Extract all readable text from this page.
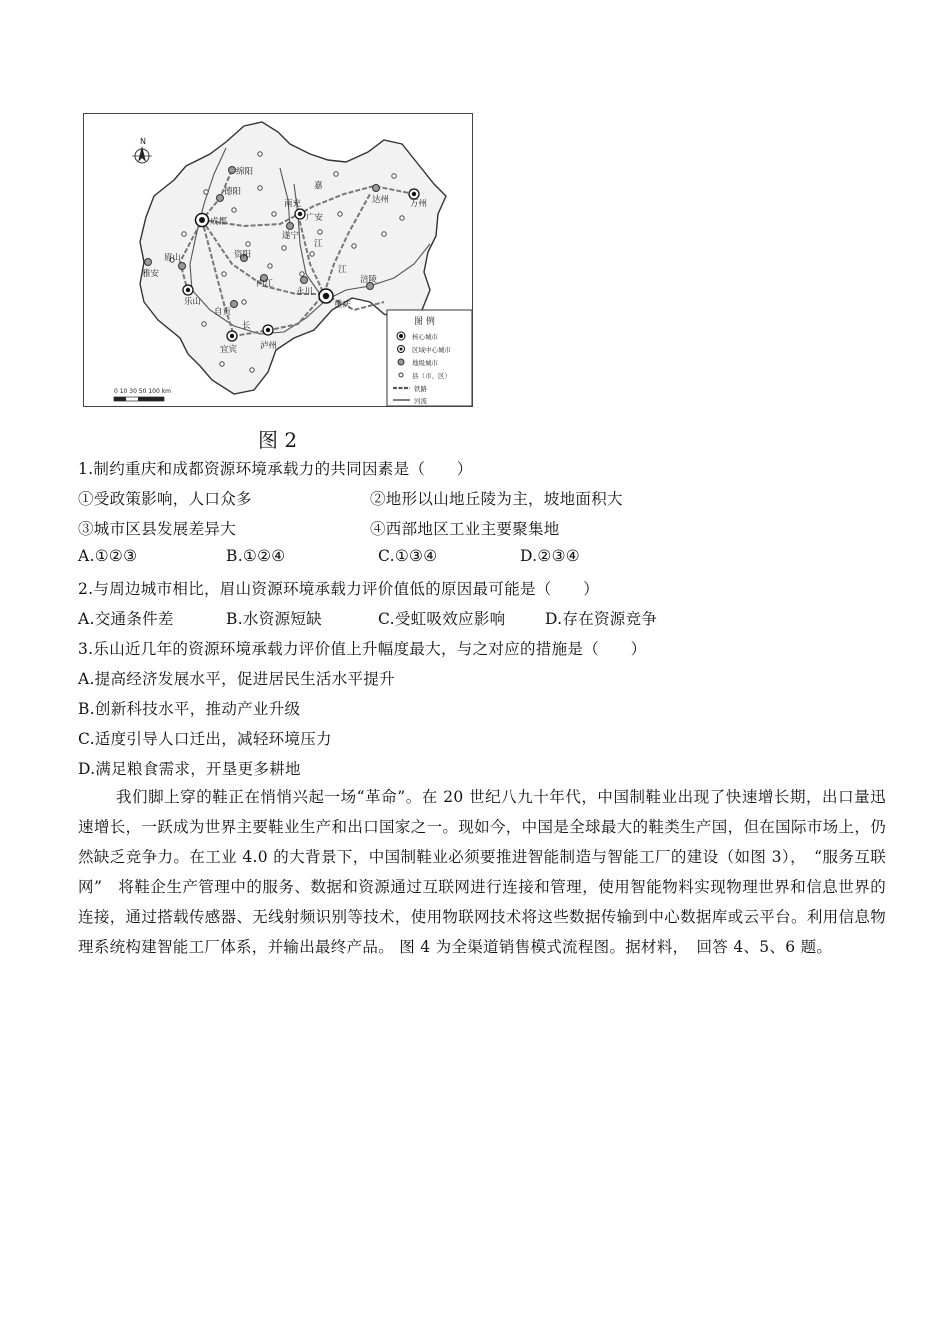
N
绵阳
德阳
成都
南充
广安
遂宁
达州 万州
眉山
雅安
资阳
乐山
内江
永川
重庆
涪陵
自贡
宜宾	泸州
嘉
江
江
长
0 10 30 50 100 km
图 例
核心城市
区域中心城市
地级城市
县（市、区）
铁路
河流
图 2
1.制约重庆和成都资源环境承载力的共同因素是（　　）
①受政策影响，人口众多	②地形以山地丘陵为主，坡地面积大
③城市区县发展差异大	④西部地区工业主要聚集地
A.①②③	B.①②④	C.①③④	D.②③④
2.与周边城市相比，眉山资源环境承载力评价值低的原因最可能是（　　）
A.交通条件差	B.水资源短缺	C.受虹吸效应影响	D.存在资源竞争
3.乐山近几年的资源环境承载力评价值上升幅度最大，与之对应的措施是（　　）
A.提高经济发展水平，促进居民生活水平提升
B.创新科技水平，推动产业升级
C.适度引导人口迁出，减轻环境压力
D.满足粮食需求，开垦更多耕地
我们脚上穿的鞋正在悄悄兴起一场“革命”。在 20 世纪八九十年代，中国制鞋业出现了快速增长期，出口量迅速增长，一跃成为世界主要鞋业生产和出口国家之一。现如今，中国是全球最大的鞋类生产国，但在国际市场上，仍然缺乏竞争力。在工业 4.0 的大背景下，中国制鞋业必须要推进智能制造与智能工厂的建设（如图 3），　“服务互联网”　将鞋企生产管理中的服务、数据和资源通过互联网进行连接和管理，使用智能物料实现物理世界和信息世界的连接，通过搭载传感器、无线射频识别等技术，使用物联网技术将这些数据传输到中心数据库或云平台。利用信息物理系统构建智能工厂体系，并输出最终产品。 图 4 为全渠道销售模式流程图。据材料，　回答 4、5、6 题。
